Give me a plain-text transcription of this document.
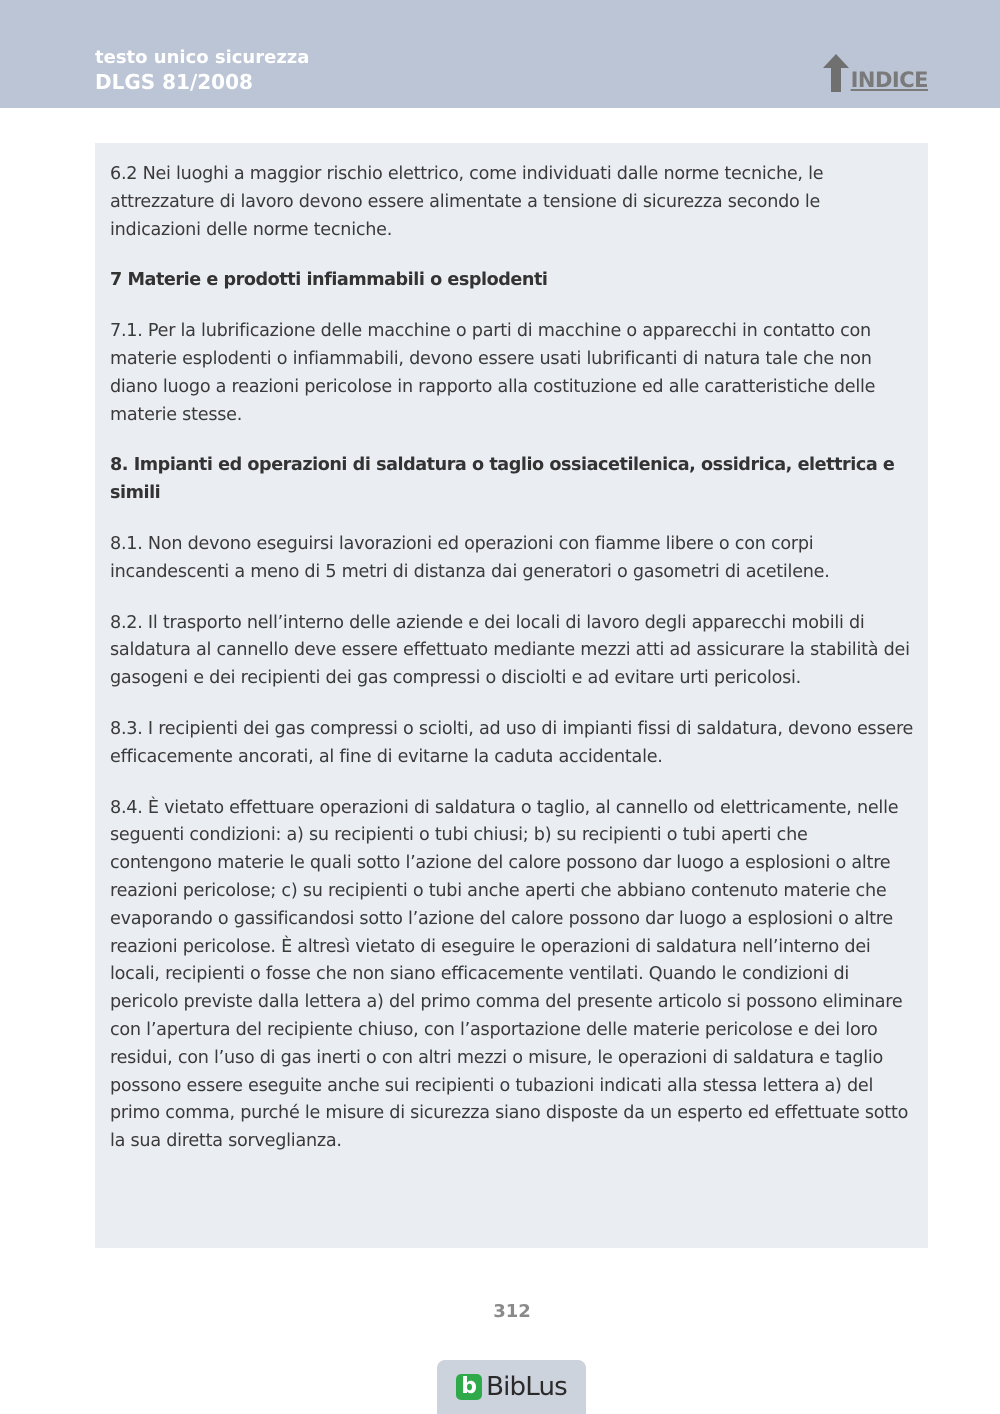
testo unico sicurezza
DLGS 81/2008	INDICE

6.2 Nei luoghi a maggior rischio elettrico, come individuati dalle norme tecniche, le attrezzature di lavoro devono essere alimentate a tensione di sicurezza secondo le indicazioni delle norme tecniche.

7 Materie e prodotti infiammabili o esplodenti

7.1. Per la lubrificazione delle macchine o parti di macchine o apparecchi in contatto con materie esplodenti o infiammabili, devono essere usati lubrificanti di natura tale che non diano luogo a reazioni pericolose in rapporto alla costituzione ed alle caratteristiche delle materie stesse.

8. Impianti ed operazioni di saldatura o taglio ossiacetilenica, ossidrica, elettrica e simili

8.1. Non devono eseguirsi lavorazioni ed operazioni con fiamme libere o con corpi incandescenti a meno di 5 metri di distanza dai generatori o gasometri di acetilene.

8.2. Il trasporto nell’interno delle aziende e dei locali di lavoro degli apparecchi mobili di saldatura al cannello deve essere effettuato mediante mezzi atti ad assicurare la stabilità dei gasogeni e dei recipienti dei gas compressi o disciolti e ad evitare urti pericolosi.

8.3. I recipienti dei gas compressi o sciolti, ad uso di impianti fissi di saldatura, devono essere efficacemente ancorati, al fine di evitarne la caduta accidentale.

8.4. È vietato effettuare operazioni di saldatura o taglio, al cannello od elettricamente, nelle seguenti condizioni: a) su recipienti o tubi chiusi; b) su recipienti o tubi aperti che contengono materie le quali sotto l’azione del calore possono dar luogo a esplosioni o altre reazioni pericolose; c) su recipienti o tubi anche aperti che abbiano contenuto materie che evaporando o gassificandosi sotto l’azione del calore possono dar luogo a esplosioni o altre reazioni pericolose. È altresì vietato di eseguire le operazioni di saldatura nell’interno dei locali, recipienti o fosse che non siano efficacemente ventilati. Quando le condizioni di pericolo previste dalla lettera a) del primo comma del presente articolo si possono eliminare con l’apertura del recipiente chiuso, con l’asportazione delle materie pericolose e dei loro residui, con l’uso di gas inerti o con altri mezzi o misure, le operazioni di saldatura e taglio possono essere eseguite anche sui recipienti o tubazioni indicati alla stessa lettera a) del primo comma, purché le misure di sicurezza siano disposte da un esperto ed effettuate sotto la sua diretta sorveglianza.

312
b BibLus
